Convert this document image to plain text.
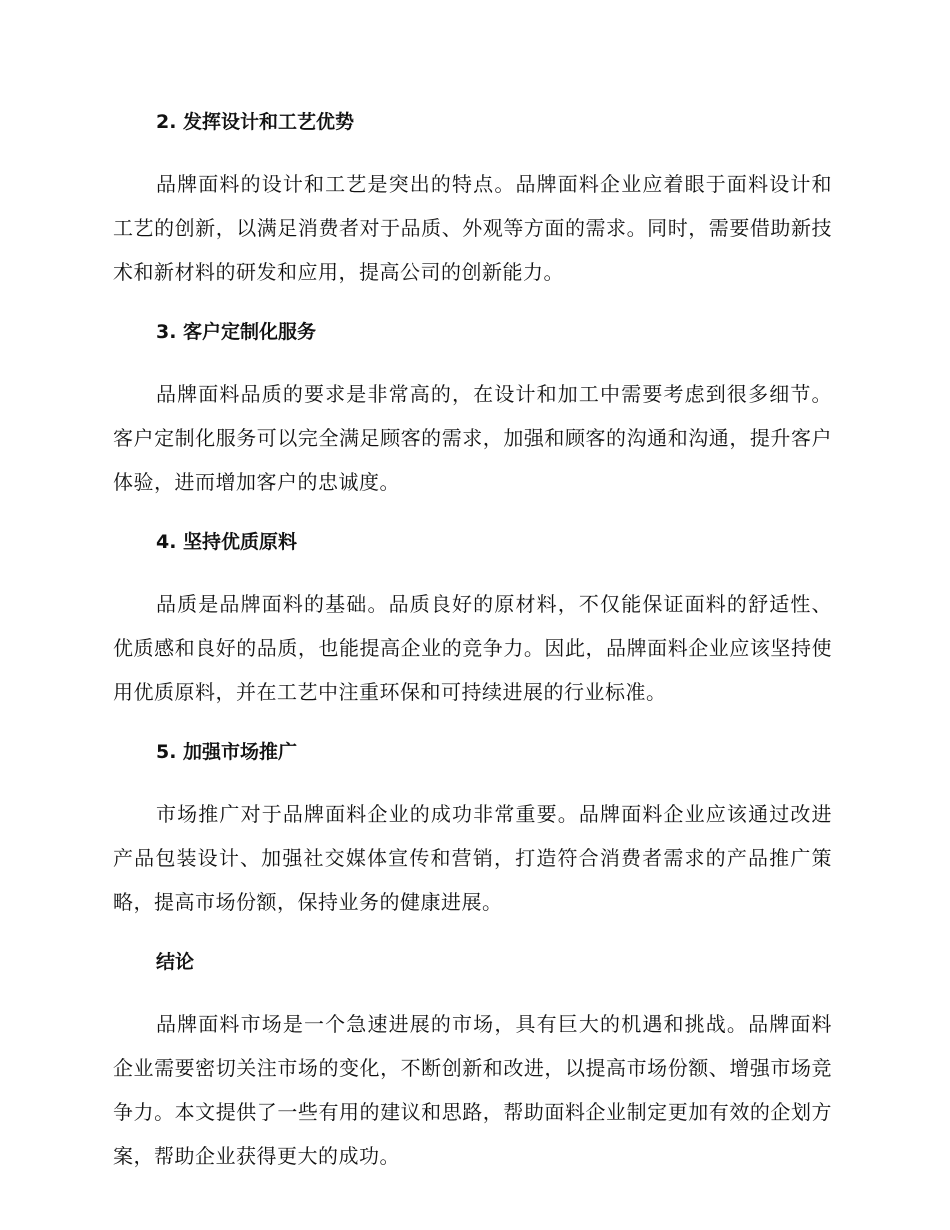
2. 发挥设计和工艺优势

品牌面料的设计和工艺是突出的特点。品牌面料企业应着眼于面料设计和工艺的创新，以满足消费者对于品质、外观等方面的需求。同时，需要借助新技术和新材料的研发和应用，提高公司的创新能力。

3. 客户定制化服务

品牌面料品质的要求是非常高的，在设计和加工中需要考虑到很多细节。客户定制化服务可以完全满足顾客的需求，加强和顾客的沟通和沟通，提升客户体验，进而增加客户的忠诚度。

4. 坚持优质原料

品质是品牌面料的基础。品质良好的原材料，不仅能保证面料的舒适性、优质感和良好的品质，也能提高企业的竞争力。因此，品牌面料企业应该坚持使用优质原料，并在工艺中注重环保和可持续进展的行业标准。

5. 加强市场推广

市场推广对于品牌面料企业的成功非常重要。品牌面料企业应该通过改进产品包装设计、加强社交媒体宣传和营销，打造符合消费者需求的产品推广策略，提高市场份额，保持业务的健康进展。

结论

品牌面料市场是一个急速进展的市场，具有巨大的机遇和挑战。品牌面料企业需要密切关注市场的变化，不断创新和改进，以提高市场份额、增强市场竞争力。本文提供了一些有用的建议和思路，帮助面料企业制定更加有效的企划方案，帮助企业获得更大的成功。
